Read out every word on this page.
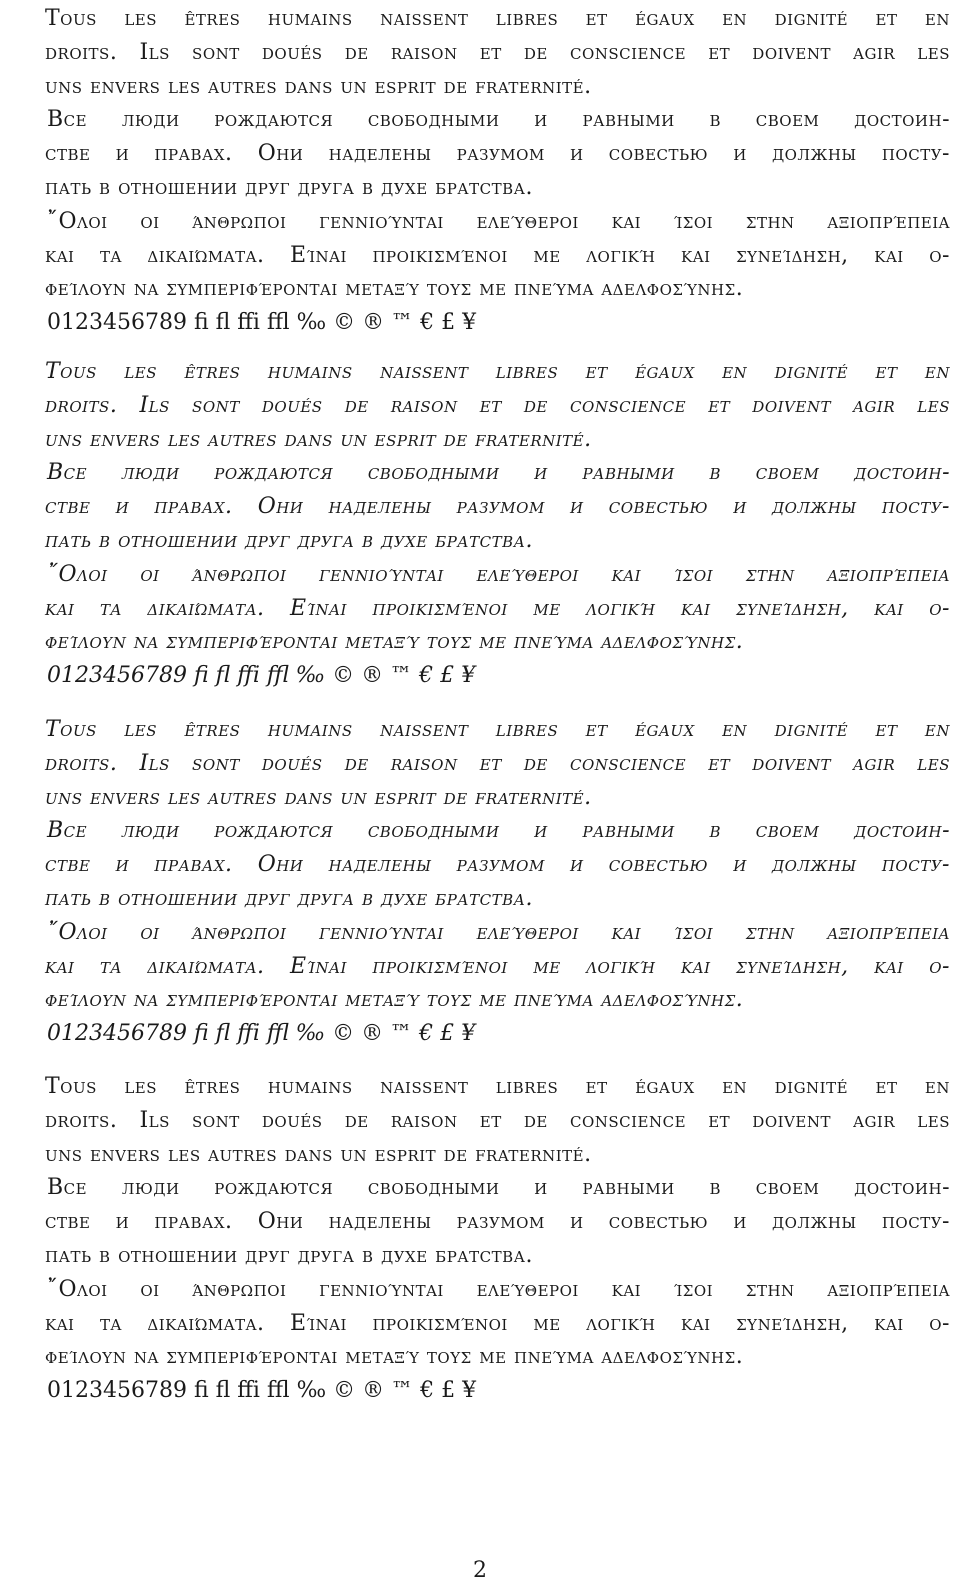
Tous les êtres humains naissent libres et égaux en dignité et en

droits. Ils sont doués de raison et de conscience et doivent agir les

uns envers les autres dans un esprit de fraternité.

Все люди рождаются свободными и равными в своем достоин-

стве и правах. Они наделены разумом и совестью и должны посту-

пать в отношении друг друга в духе братства.

῎Ολοι οι άνθρωποι γεννιούνται ελεύθεροι και ίσοι στην αξιοπρέπεια

και τα δικαιώματα. Είναι προικισμένοι με λογική και συνείδηση, και ο-

φείλουν να συμπεριφέρονται μεταξύ τους με πνεύμα αδελφοσύνης.

0123456789 fi fl ffi ffl ‰ © ® ™ € £ ¥

Tous les êtres humains naissent libres et égaux en dignité et en

droits. Ils sont doués de raison et de conscience et doivent agir les

uns envers les autres dans un esprit de fraternité.

Все люди рождаются свободными и равными в своем достоин-

стве и правах. Они наделены разумом и совестью и должны посту-

пать в отношении друг друга в духе братства.

῎Ολοι οι άνθρωποι γεννιούνται ελεύθεροι και ίσοι στην αξιοπρέπεια

και τα δικαιώματα. Είναι προικισμένοι με λογική και συνείδηση, και ο-

φείλουν να συμπεριφέρονται μεταξύ τους με πνεύμα αδελφοσύνης.

0123456789 fi fl ffi ffl ‰ © ® ™ € £ ¥

Tous les êtres humains naissent libres et égaux en dignité et en

droits. Ils sont doués de raison et de conscience et doivent agir les

uns envers les autres dans un esprit de fraternité.

Все люди рождаются свободными и равными в своем достоин-

стве и правах. Они наделены разумом и совестью и должны посту-

пать в отношении друг друга в духе братства.

῎Ολοι οι άνθρωποι γεννιούνται ελεύθεροι και ίσοι στην αξιοπρέπεια

και τα δικαιώματα. Είναι προικισμένοι με λογική και συνείδηση, και ο-

φείλουν να συμπεριφέρονται μεταξύ τους με πνεύμα αδελφοσύνης.

0123456789 fi fl ffi ffl ‰ © ® ™ € £ ¥

Tous les êtres humains naissent libres et égaux en dignité et en

droits. Ils sont doués de raison et de conscience et doivent agir les

uns envers les autres dans un esprit de fraternité.

Все люди рождаются свободными и равными в своем достоин-

стве и правах. Они наделены разумом и совестью и должны посту-

пать в отношении друг друга в духе братства.

῎Ολοι οι άνθρωποι γεννιούνται ελεύθεροι και ίσοι στην αξιοπρέπεια

και τα δικαιώματα. Είναι προικισμένοι με λογική και συνείδηση, και ο-

φείλουν να συμπεριφέρονται μεταξύ τους με πνεύμα αδελφοσύνης.

0123456789 fi fl ffi ffl ‰ © ® ™ € £ ¥

2
